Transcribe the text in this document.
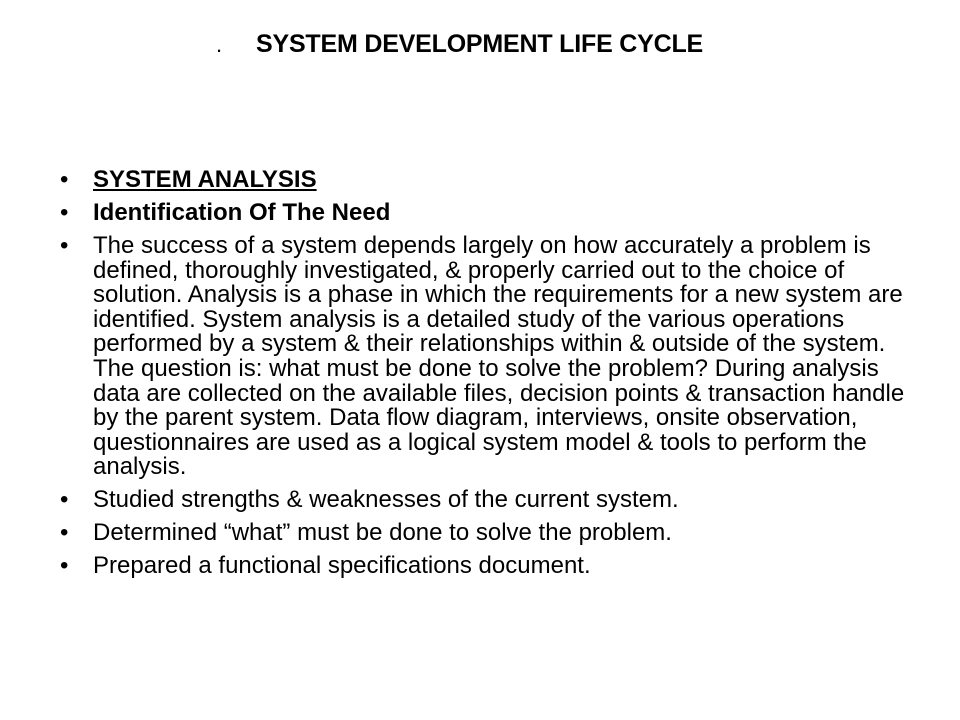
. SYSTEM DEVELOPMENT LIFE CYCLE
• SYSTEM ANALYSIS
• Identification Of The Need
• The success of a system depends largely on how accurately a problem is defined, thoroughly investigated, & properly carried out to the choice of solution. Analysis is a phase in which the requirements for a new system are identified. System analysis is a detailed study of the various operations performed by a system & their relationships within & outside of the system. The question is: what must be done to solve the problem? During analysis data are collected on the available files, decision points & transaction handle by the parent system. Data flow diagram, interviews, onsite observation, questionnaires are used as a logical system model & tools to perform the analysis.
• Studied strengths & weaknesses of the current system.
• Determined “what” must be done to solve the problem.
• Prepared a functional specifications document.
